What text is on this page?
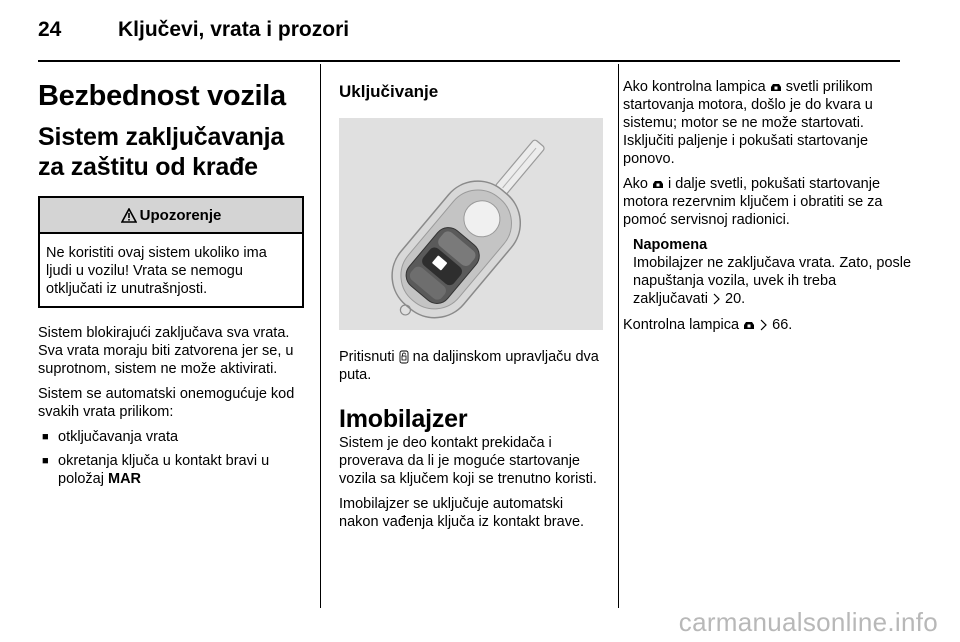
24	Ključevi, vrata i prozori
Bezbednost vozila
Sistem zaključavanja za zaštitu od krađe
Upozorenje
Ne koristiti ovaj sistem ukoliko ima ljudi u vozilu! Vrata se nemogu otključati iz unutrašnjosti.

Sistem blokirajući zaključava sva vrata. Sva vrata moraju biti zatvorena jer se, u suprotnom, sistem ne može aktivirati.

Sistem se automatski onemogućuje kod svakih vrata prilikom:

■ otključavanja vrata
■ okretanja ključa u kontakt bravi u položaj MAR
Uključivanje

Pritisnuti  na daljinskom upravljaču dva puta.

Imobilajzer

Sistem je deo kontakt prekidača i proverava da li je moguće startovanje vozila sa ključem koji se trenutno koristi.

Imobilajzer se uključuje automatski nakon vađenja ključa iz kontakt brave.

Ako kontrolna lampica  svetli prilikom startovanja motora, došlo je do kvara u sistemu; motor se ne može startovati. Isključiti paljenje i pokušati startovanje ponovo.

Ako  i dalje svetli, pokušati startovanje motora rezervnim ključem i obratiti se za pomoć servisnoj radionici.

Napomena

Imobilajzer ne zaključava vrata. Zato, posle napuštanja vozila, uvek ih treba zaključavati  20.

Kontrolna lampica   66.

carmanualsonline.info
